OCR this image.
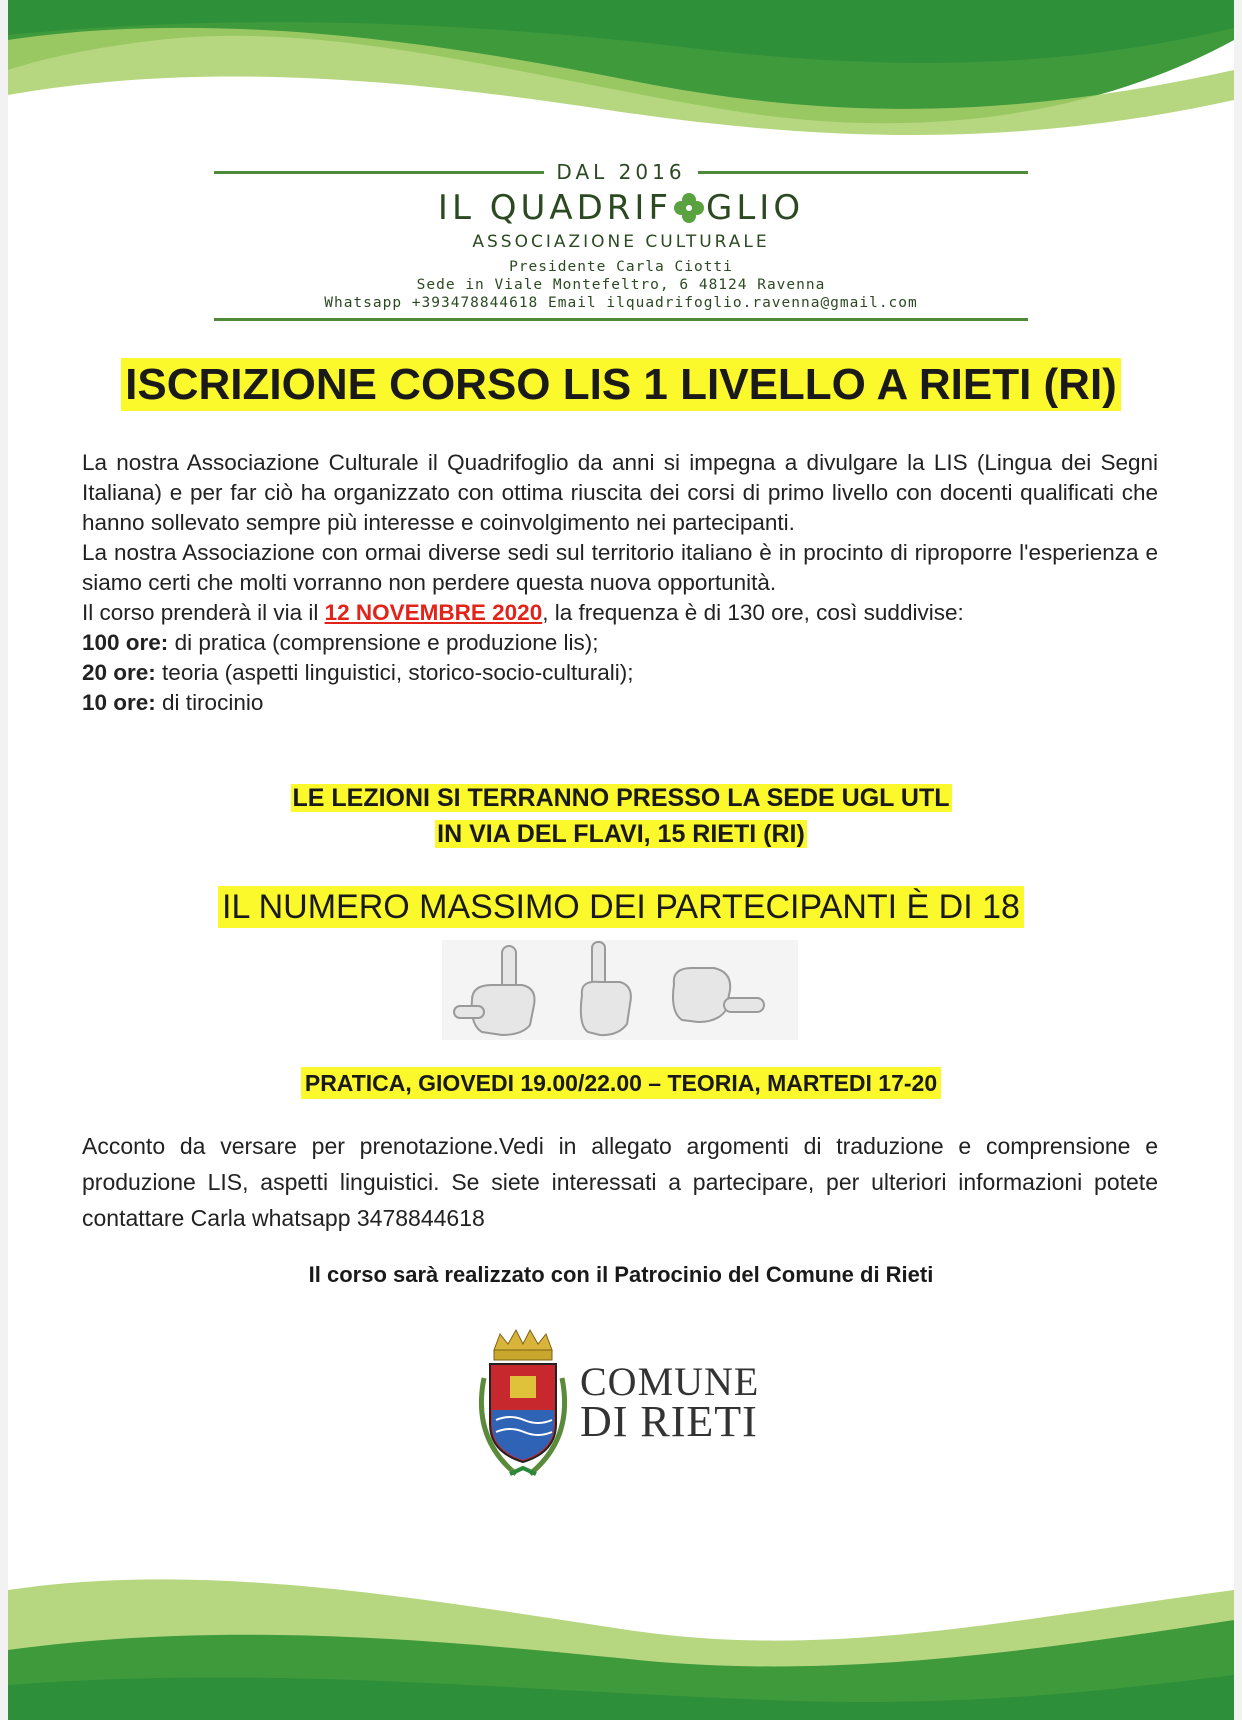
DAL 2016
IL QUADRIF GLIO
ASSOCIAZIONE CULTURALE
Presidente Carla Ciotti
Sede in Viale Montefeltro, 6 48124 Ravenna
Whatsapp +393478844618 Email ilquadrifoglio.ravenna@gmail.com
ISCRIZIONE CORSO LIS 1 LIVELLO A RIETI (RI)

La nostra Associazione Culturale il Quadrifoglio da anni si impegna a divulgare la LIS (Lingua dei Segni Italiana) e per far ciò ha organizzato con ottima riuscita dei corsi di primo livello con docenti qualificati che hanno sollevato sempre più interesse e coinvolgimento nei partecipanti.

La nostra Associazione con ormai diverse sedi sul territorio italiano è in procinto di riproporre l'esperienza e siamo certi che molti vorranno non perdere questa nuova opportunità.

Il corso prenderà il via il 12 NOVEMBRE 2020, la frequenza è di 130 ore, così suddivise:

100 ore: di pratica (comprensione e produzione lis);

20 ore: teoria (aspetti linguistici, storico-socio-culturali);

10 ore: di tirocinio

LE LEZIONI SI TERRANNO PRESSO LA SEDE UGL UTL
IN VIA DEL FLAVI, 15 RIETI (RI)
IL NUMERO MASSIMO DEI PARTECIPANTI È DI 18
PRATICA, GIOVEDI 19.00/22.00 – TEORIA, MARTEDI 17-20
Acconto da versare per prenotazione.Vedi in allegato argomenti di traduzione e comprensione e produzione LIS, aspetti linguistici. Se siete interessati a partecipare, per ulteriori informazioni potete contattare Carla whatsapp 3478844618
Il corso sarà realizzato con il Patrocinio del Comune di Rieti
COMUNE
DI RIETI
